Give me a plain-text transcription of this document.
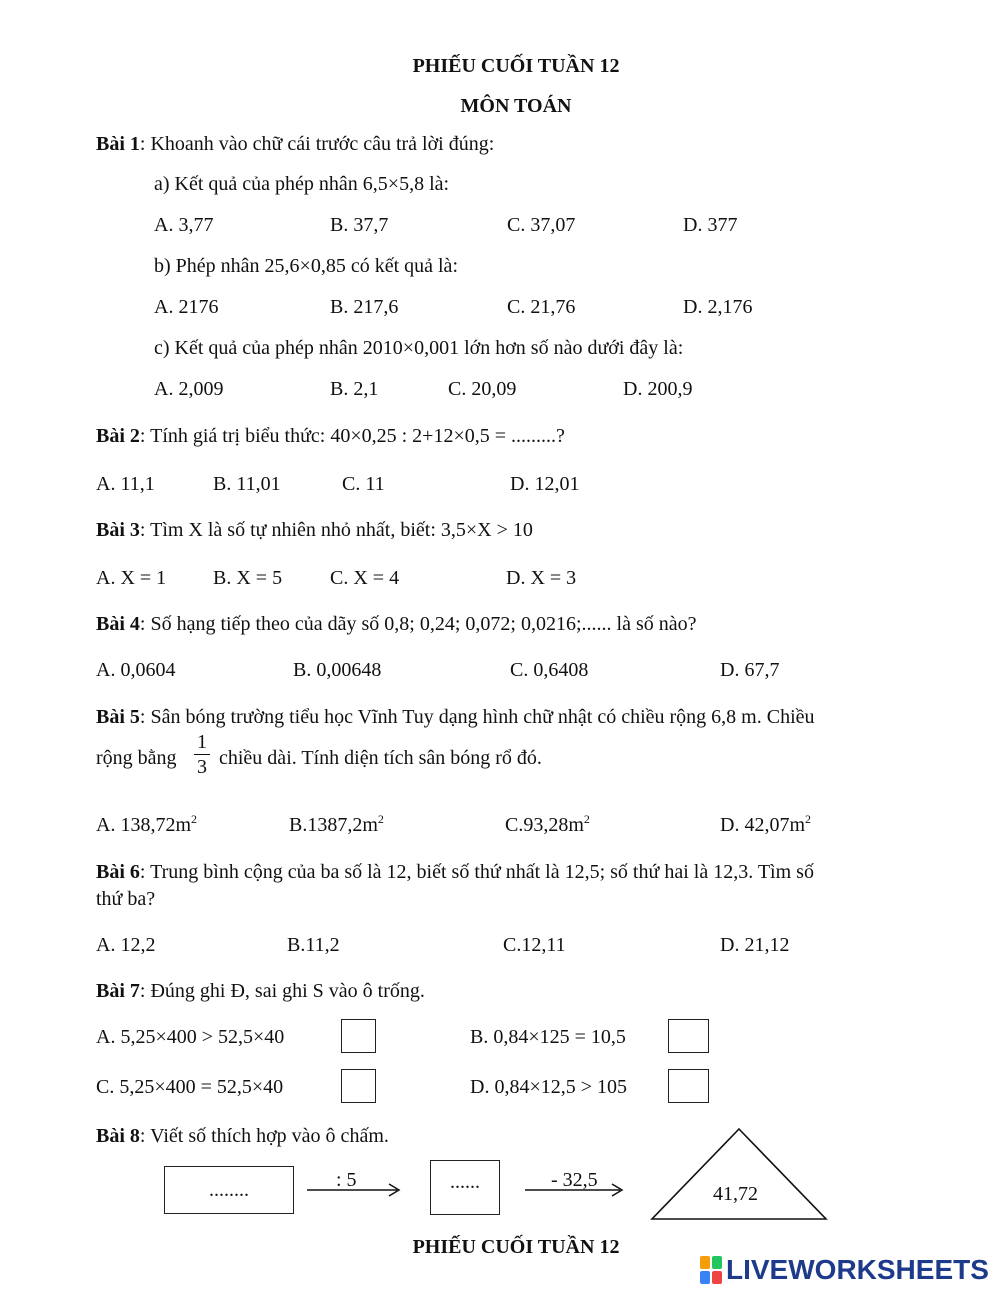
PHIẾU CUỐI TUẦN 12
MÔN TOÁN
Bài 1: Khoanh vào chữ cái trước câu trả lời đúng:
a) Kết quả của phép nhân 6,5×5,8 là:
A. 3,77	B. 37,7	C. 37,07	D. 377
b) Phép nhân 25,6×0,85 có kết quả là:
A. 2176	B. 217,6	C. 21,76	D. 2,176
c) Kết quả của phép nhân 2010×0,001 lớn hơn số nào dưới đây là:
A. 2,009	B. 2,1	C. 20,09	D. 200,9
Bài 2: Tính giá trị biểu thức: 40×0,25 : 2+12×0,5 = .........?
A. 11,1	B. 11,01	C. 11	D. 12,01
Bài 3: Tìm X là số tự nhiên nhỏ nhất, biết: 3,5×X > 10
A. X = 1 B. X = 5 C. X = 4	D. X = 3
Bài 4: Số hạng tiếp theo của dãy số 0,8; 0,24; 0,072; 0,0216;...... là số nào?
A. 0,0604	B. 0,00648	C. 0,6408	D. 67,7
Bài 5: Sân bóng trường tiểu học Vĩnh Tuy dạng hình chữ nhật có chiều rộng 6,8 m. Chiều
rộng bằng
1
3 chiều dài. Tính diện tích sân bóng rổ đó.
A. $138,72m^2$	$B.1387,2m^2$	$C.93,28m^2$	D. $42,07m^2$
Bài 6: Trung bình cộng của ba số là 12, biết số thứ nhất là 12,5; số thứ hai là 12,3. Tìm số
thứ ba?
A. 12,2	B.11,2	C.12,11	D. 21,12
Bài 7: Đúng ghi Đ, sai ghi S vào ô trống.
A. 5,25×400 > 52,5×40	B. 0,84×125 = 10,5
C. 5,25×400 = 52,5×40	D. 0,84×12,5 > 105
Bài 8: Viết số thích hợp vào ô chấm.
........	: 5	......	- 32,5
41,72
PHIẾU CUỐI TUẦN 12
LIVEWORKSHEETS
